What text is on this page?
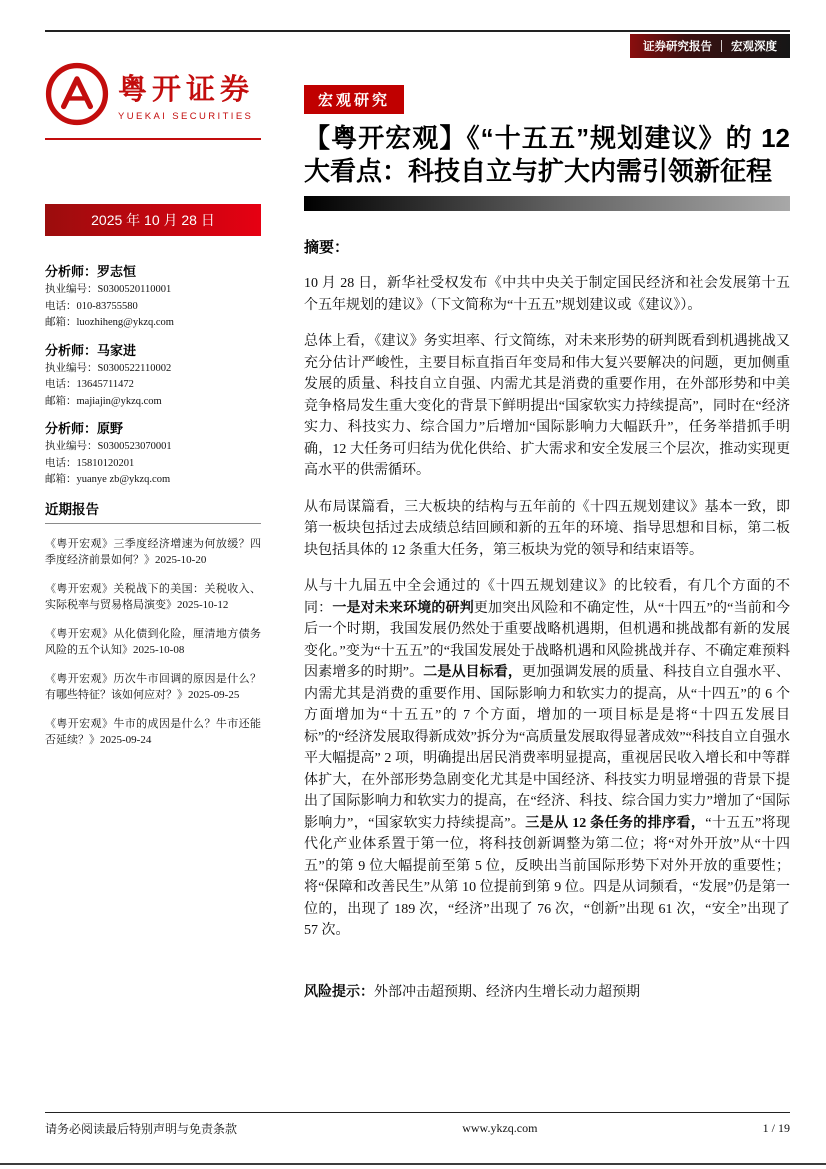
证券研究报告 宏观深度
粤开证券
YUEKAI SECURITIES
2025 年 10 月 28 日
分析师：罗志恒
执业编号：S0300520110001
电话：010-83755580
邮箱：luozhiheng@ykzq.com
分析师：马家进
执业编号：S0300522110002
电话：13645711472
邮箱：majiajin@ykzq.com
分析师：原野
执业编号：S0300523070001
电话：15810120201
邮箱：yuanye zb@ykzq.com
近期报告
《粤开宏观》三季度经济增速为何放缓？四季度经济前景如何？》2025-10-20
《粤开宏观》关税战下的美国：关税收入、实际税率与贸易格局演变》2025-10-12
《粤开宏观》从化债到化险，厘清地方债务风险的五个认知》2025-10-08
《粤开宏观》历次牛市回调的原因是什么？有哪些特征？该如何应对？》2025-09-25
《粤开宏观》牛市的成因是什么？牛市还能否延续？》2025-09-24
宏观研究
【粤开宏观】《“十五五”规划建议》的 12 大看点：科技自立与扩大内需引领新征程
摘要：

10 月 28 日，新华社受权发布《中共中央关于制定国民经济和社会发展第十五个五年规划的建议》（下文简称为“十五五”规划建议或《建议》）。

总体上看，《建议》务实坦率、行文简练，对未来形势的研判既看到机遇挑战又充分估计严峻性，主要目标直指百年变局和伟大复兴要解决的问题，更加侧重发展的质量、科技自立自强、内需尤其是消费的重要作用，在外部形势和中美竞争格局发生重大变化的背景下鲜明提出“国家软实力持续提高”，同时在“经济实力、科技实力、综合国力”后增加“国际影响力大幅跃升”，任务举措抓手明确，12 大任务可归结为优化供给、扩大需求和安全发展三个层次，推动实现更高水平的供需循环。

从布局谋篇看，三大板块的结构与五年前的《十四五规划建议》基本一致，即第一板块包括过去成绩总结回顾和新的五年的环境、指导思想和目标，第二板块包括具体的 12 条重大任务，第三板块为党的领导和结束语等。

从与十九届五中全会通过的《十四五规划建议》的比较看，有几个方面的不同：一是对未来环境的研判更加突出风险和不确定性，从“十四五”的“当前和今后一个时期，我国发展仍然处于重要战略机遇期，但机遇和挑战都有新的发展变化。”变为“十五五”的“我国发展处于战略机遇和风险挑战并存、不确定难预料因素增多的时期”。二是从目标看，更加强调发展的质量、科技自立自强水平、内需尤其是消费的重要作用、国际影响力和软实力的提高，从“十四五”的 6 个方面增加为“十五五”的 7 个方面，增加的一项目标是是将“十四五发展目标”的“经济发展取得新成效”拆分为“高质量发展取得显著成效”“科技自立自强水平大幅提高” 2 项，明确提出居民消费率明显提高，重视居民收入增长和中等群体扩大，在外部形势急剧变化尤其是中国经济、科技实力明显增强的背景下提出了国际影响力和软实力的提高，在“经济、科技、综合国力实力”增加了“国际影响力”，“国家软实力持续提高”。三是从 12 条任务的排序看，“十五五”将现代化产业体系置于第一位，将科技创新调整为第二位；将“对外开放”从“十四五”的第 9 位大幅提前至第 5 位，反映出当前国际形势下对外开放的重要性；将“保障和改善民生”从第 10 位提前到第 9 位。四是从词频看，“发展”仍是第一位的，出现了 189 次，“经济”出现了 76 次，“创新”出现 61 次，“安全”出现了 57 次。

风险提示：外部冲击超预期、经济内生增长动力超预期

请务必阅读最后特别声明与免责条款	www.ykzq.com	1 / 19
